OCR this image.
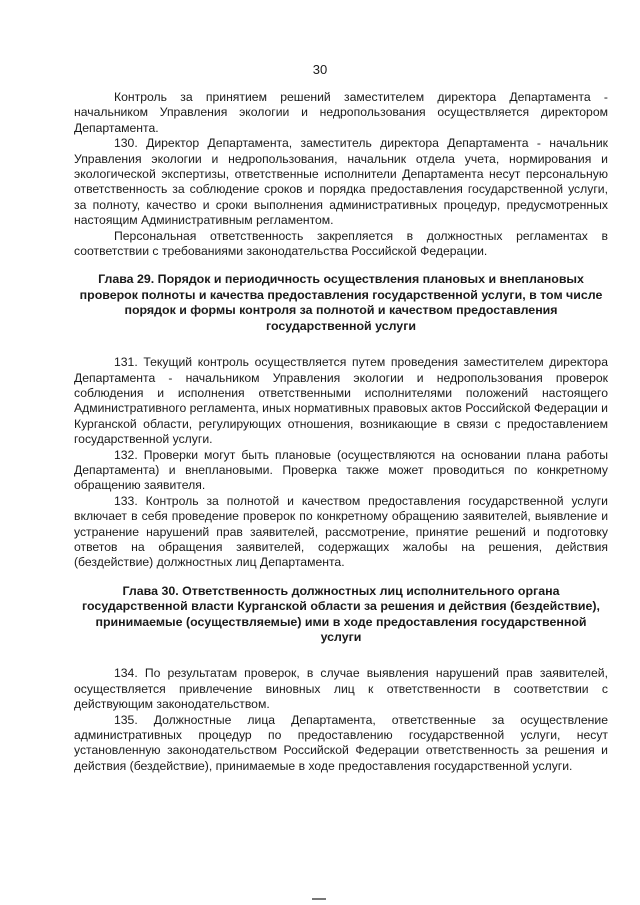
30

Контроль за принятием решений заместителем директора Департамента - начальником Управления экологии и недропользования осуществляется директором Департамента.

130. Директор Департамента, заместитель директора Департамента - начальник Управления экологии и недропользования, начальник отдела учета, нормирования и экологической экспертизы, ответственные исполнители Департамента несут персональную ответственность за соблюдение сроков и порядка предоставления государственной услуги, за полноту, качество и сроки выполнения административных процедур, предусмотренных настоящим Административным регламентом.

Персональная ответственность закрепляется в должностных регламентах в соответствии с требованиями законодательства Российской Федерации.

Глава 29. Порядок и периодичность осуществления плановых и внеплановых проверок полноты и качества предоставления государственной услуги, в том числе порядок и формы контроля за полнотой и качеством предоставления государственной услуги

131. Текущий контроль осуществляется путем проведения заместителем директора Департамента - начальником Управления экологии и недропользования проверок соблюдения и исполнения ответственными исполнителями положений настоящего Административного регламента, иных нормативных правовых актов Российской Федерации и Курганской области, регулирующих отношения, возникающие в связи с предоставлением государственной услуги.

132. Проверки могут быть плановые (осуществляются на основании плана работы Департамента) и внеплановыми. Проверка также может проводиться по конкретному обращению заявителя.

133. Контроль за полнотой и качеством предоставления государственной услуги включает в себя проведение проверок по конкретному обращению заявителей, выявление и устранение нарушений прав заявителей, рассмотрение, принятие решений и подготовку ответов на обращения заявителей, содержащих жалобы на решения, действия (бездействие) должностных лиц Департамента.

Глава 30. Ответственность должностных лиц исполнительного органа государственной власти Курганской области за решения и действия (бездействие), принимаемые (осуществляемые) ими в ходе предоставления государственной услуги

134. По результатам проверок, в случае выявления нарушений прав заявителей, осуществляется привлечение виновных лиц к ответственности в соответствии с действующим законодательством.

135. Должностные лица Департамента, ответственные за осуществление административных процедур по предоставлению государственной услуги, несут установленную законодательством Российской Федерации ответственность за решения и действия (бездействие), принимаемые в ходе предоставления государственной услуги.
